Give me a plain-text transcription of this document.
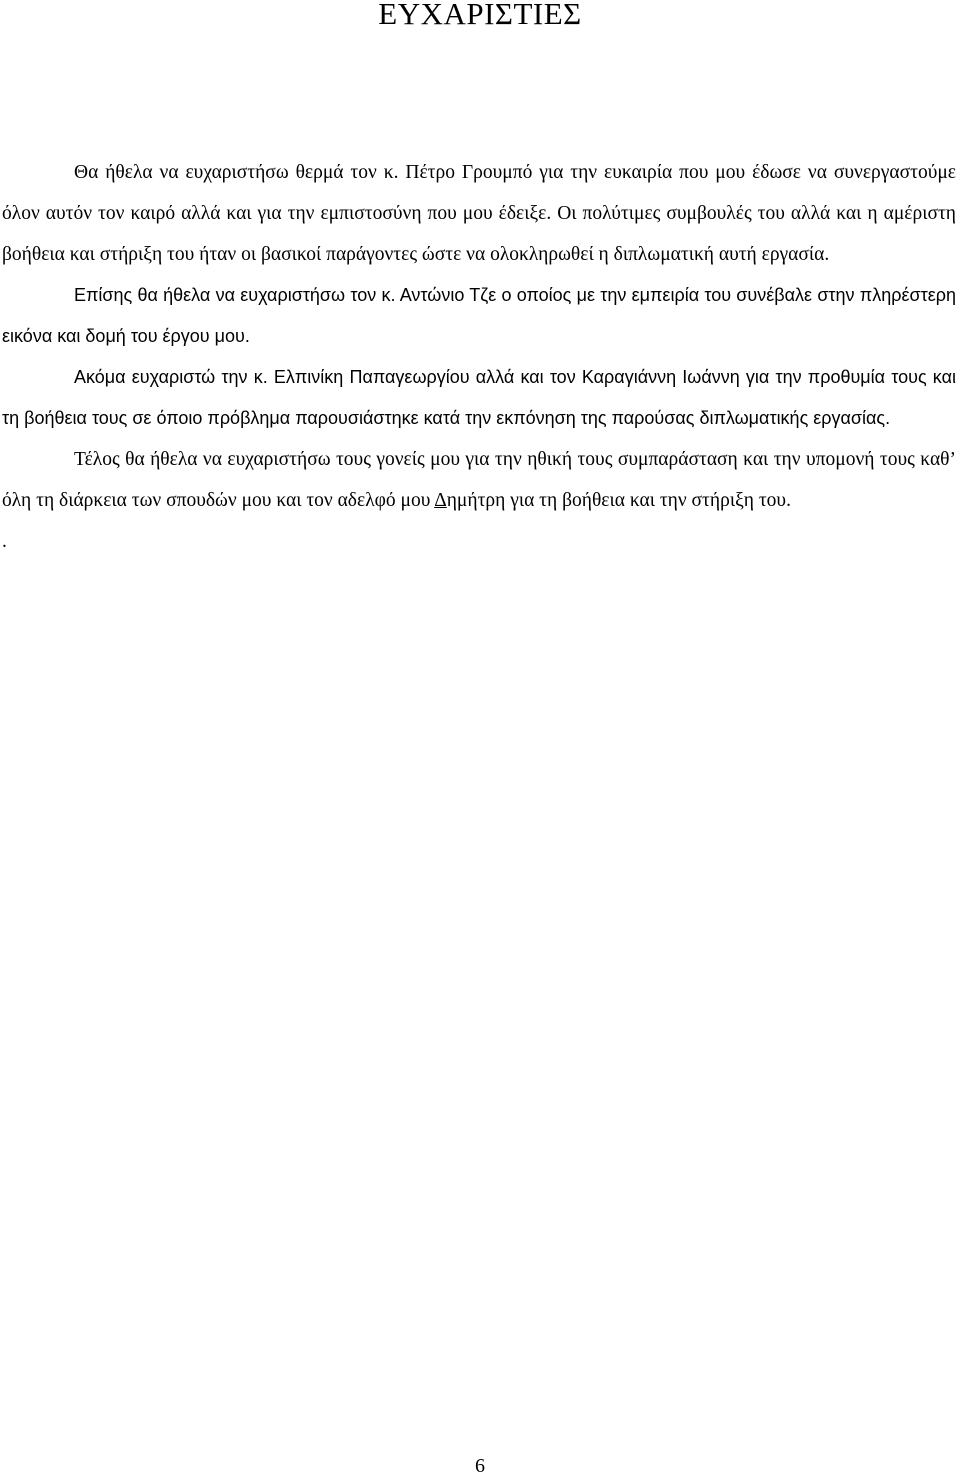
ΕΥΧΑΡΙΣΤΙΕΣ

Θα ήθελα να ευχαριστήσω θερμά τον κ. Πέτρο Γρουμπό για την ευκαιρία που μου έδωσε να συνεργαστούμε όλον αυτόν τον καιρό αλλά και για την εμπιστοσύνη που μου έδειξε. Οι πολύτιμες συμβουλές του αλλά και η αμέριστη βοήθεια και στήριξη του ήταν οι βασικοί παράγοντες ώστε να ολοκληρωθεί η διπλωματική αυτή εργασία.

Επίσης θα ήθελα να ευχαριστήσω τον κ. Αντώνιο Τζε ο οποίος με την εμπειρία του συνέβαλε στην πληρέστερη εικόνα και δομή του έργου μου.

Ακόμα ευχαριστώ την κ. Ελπινίκη Παπαγεωργίου αλλά και τον Καραγιάννη Ιωάννη για την προθυμία τους και τη βοήθεια τους σε όποιο πρόβλημα παρουσιάστηκε κατά την εκπόνηση της παρούσας διπλωματικής εργασίας.

Τέλος θα ήθελα να ευχαριστήσω τους γονείς μου για την ηθική τους συμπαράσταση και την υπομονή τους καθ’ όλη τη διάρκεια των σπουδών μου και τον αδελφό μου Δημήτρη για τη βοήθεια και την στήριξη του.

.

6
